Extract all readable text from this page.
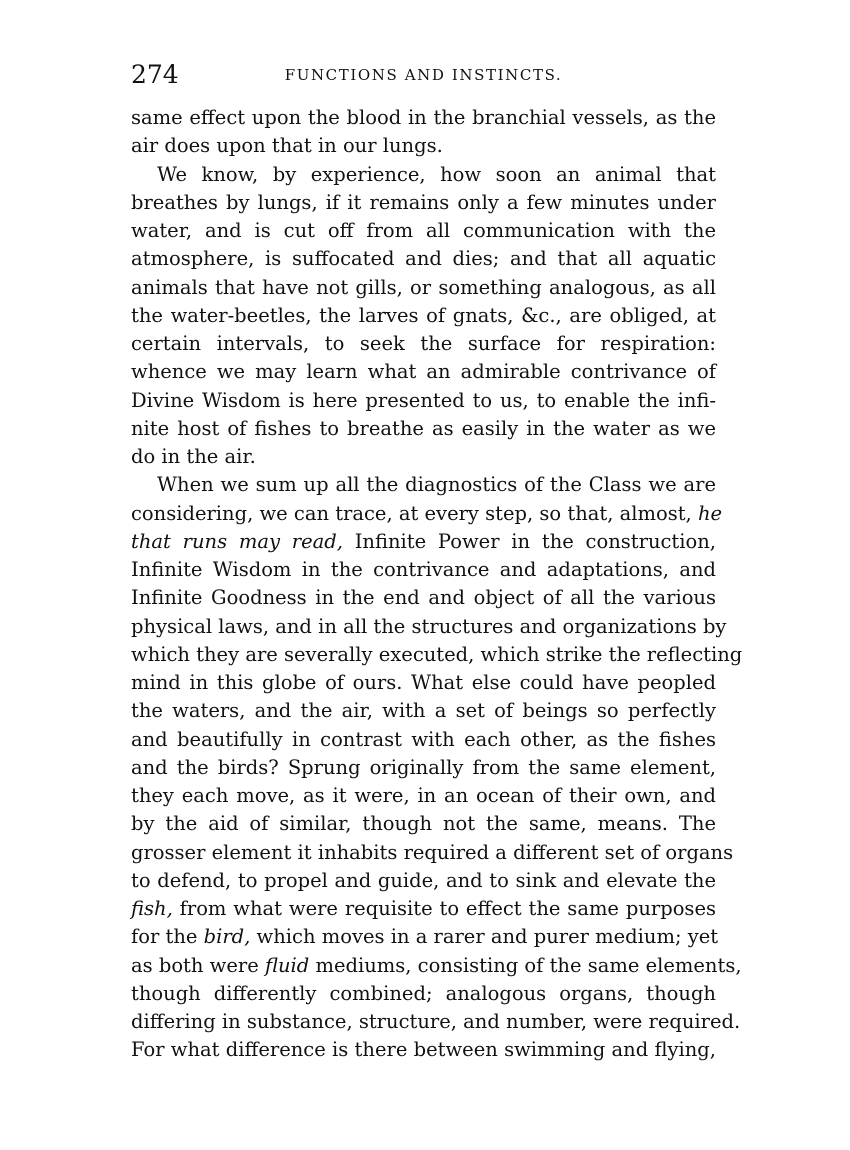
274	FUNCTIONS AND INSTINCTS.
same effect upon the blood in the branchial vessels, as the
air does upon that in our lungs.
We know, by experience, how soon an animal that
breathes by lungs, if it remains only a few minutes under
water, and is cut off from all communication with the
atmosphere, is suffocated and dies; and that all aquatic
animals that have not gills, or something analogous, as all
the water-beetles, the larves of gnats, &c., are obliged, at
certain intervals, to seek the surface for respiration:
whence we may learn what an admirable contrivance of
Divine Wisdom is here presented to us, to enable the infi-
nite host of fishes to breathe as easily in the water as we
do in the air.
When we sum up all the diagnostics of the Class we are
considering, we can trace, at every step, so that, almost, he
that runs may read, Infinite Power in the construction,
Infinite Wisdom in the contrivance and adaptations, and
Infinite Goodness in the end and object of all the various
physical laws, and in all the structures and organizations by
which they are severally executed, which strike the reflecting
mind in this globe of ours. What else could have peopled
the waters, and the air, with a set of beings so perfectly
and beautifully in contrast with each other, as the fishes
and the birds? Sprung originally from the same element,
they each move, as it were, in an ocean of their own, and
by the aid of similar, though not the same, means. The
grosser element it inhabits required a different set of organs
to defend, to propel and guide, and to sink and elevate the
fish, from what were requisite to effect the same purposes
for the bird, which moves in a rarer and purer medium; yet
as both were fluid mediums, consisting of the same elements,
though differently combined; analogous organs, though
differing in substance, structure, and number, were required.
For what difference is there between swimming and flying,
